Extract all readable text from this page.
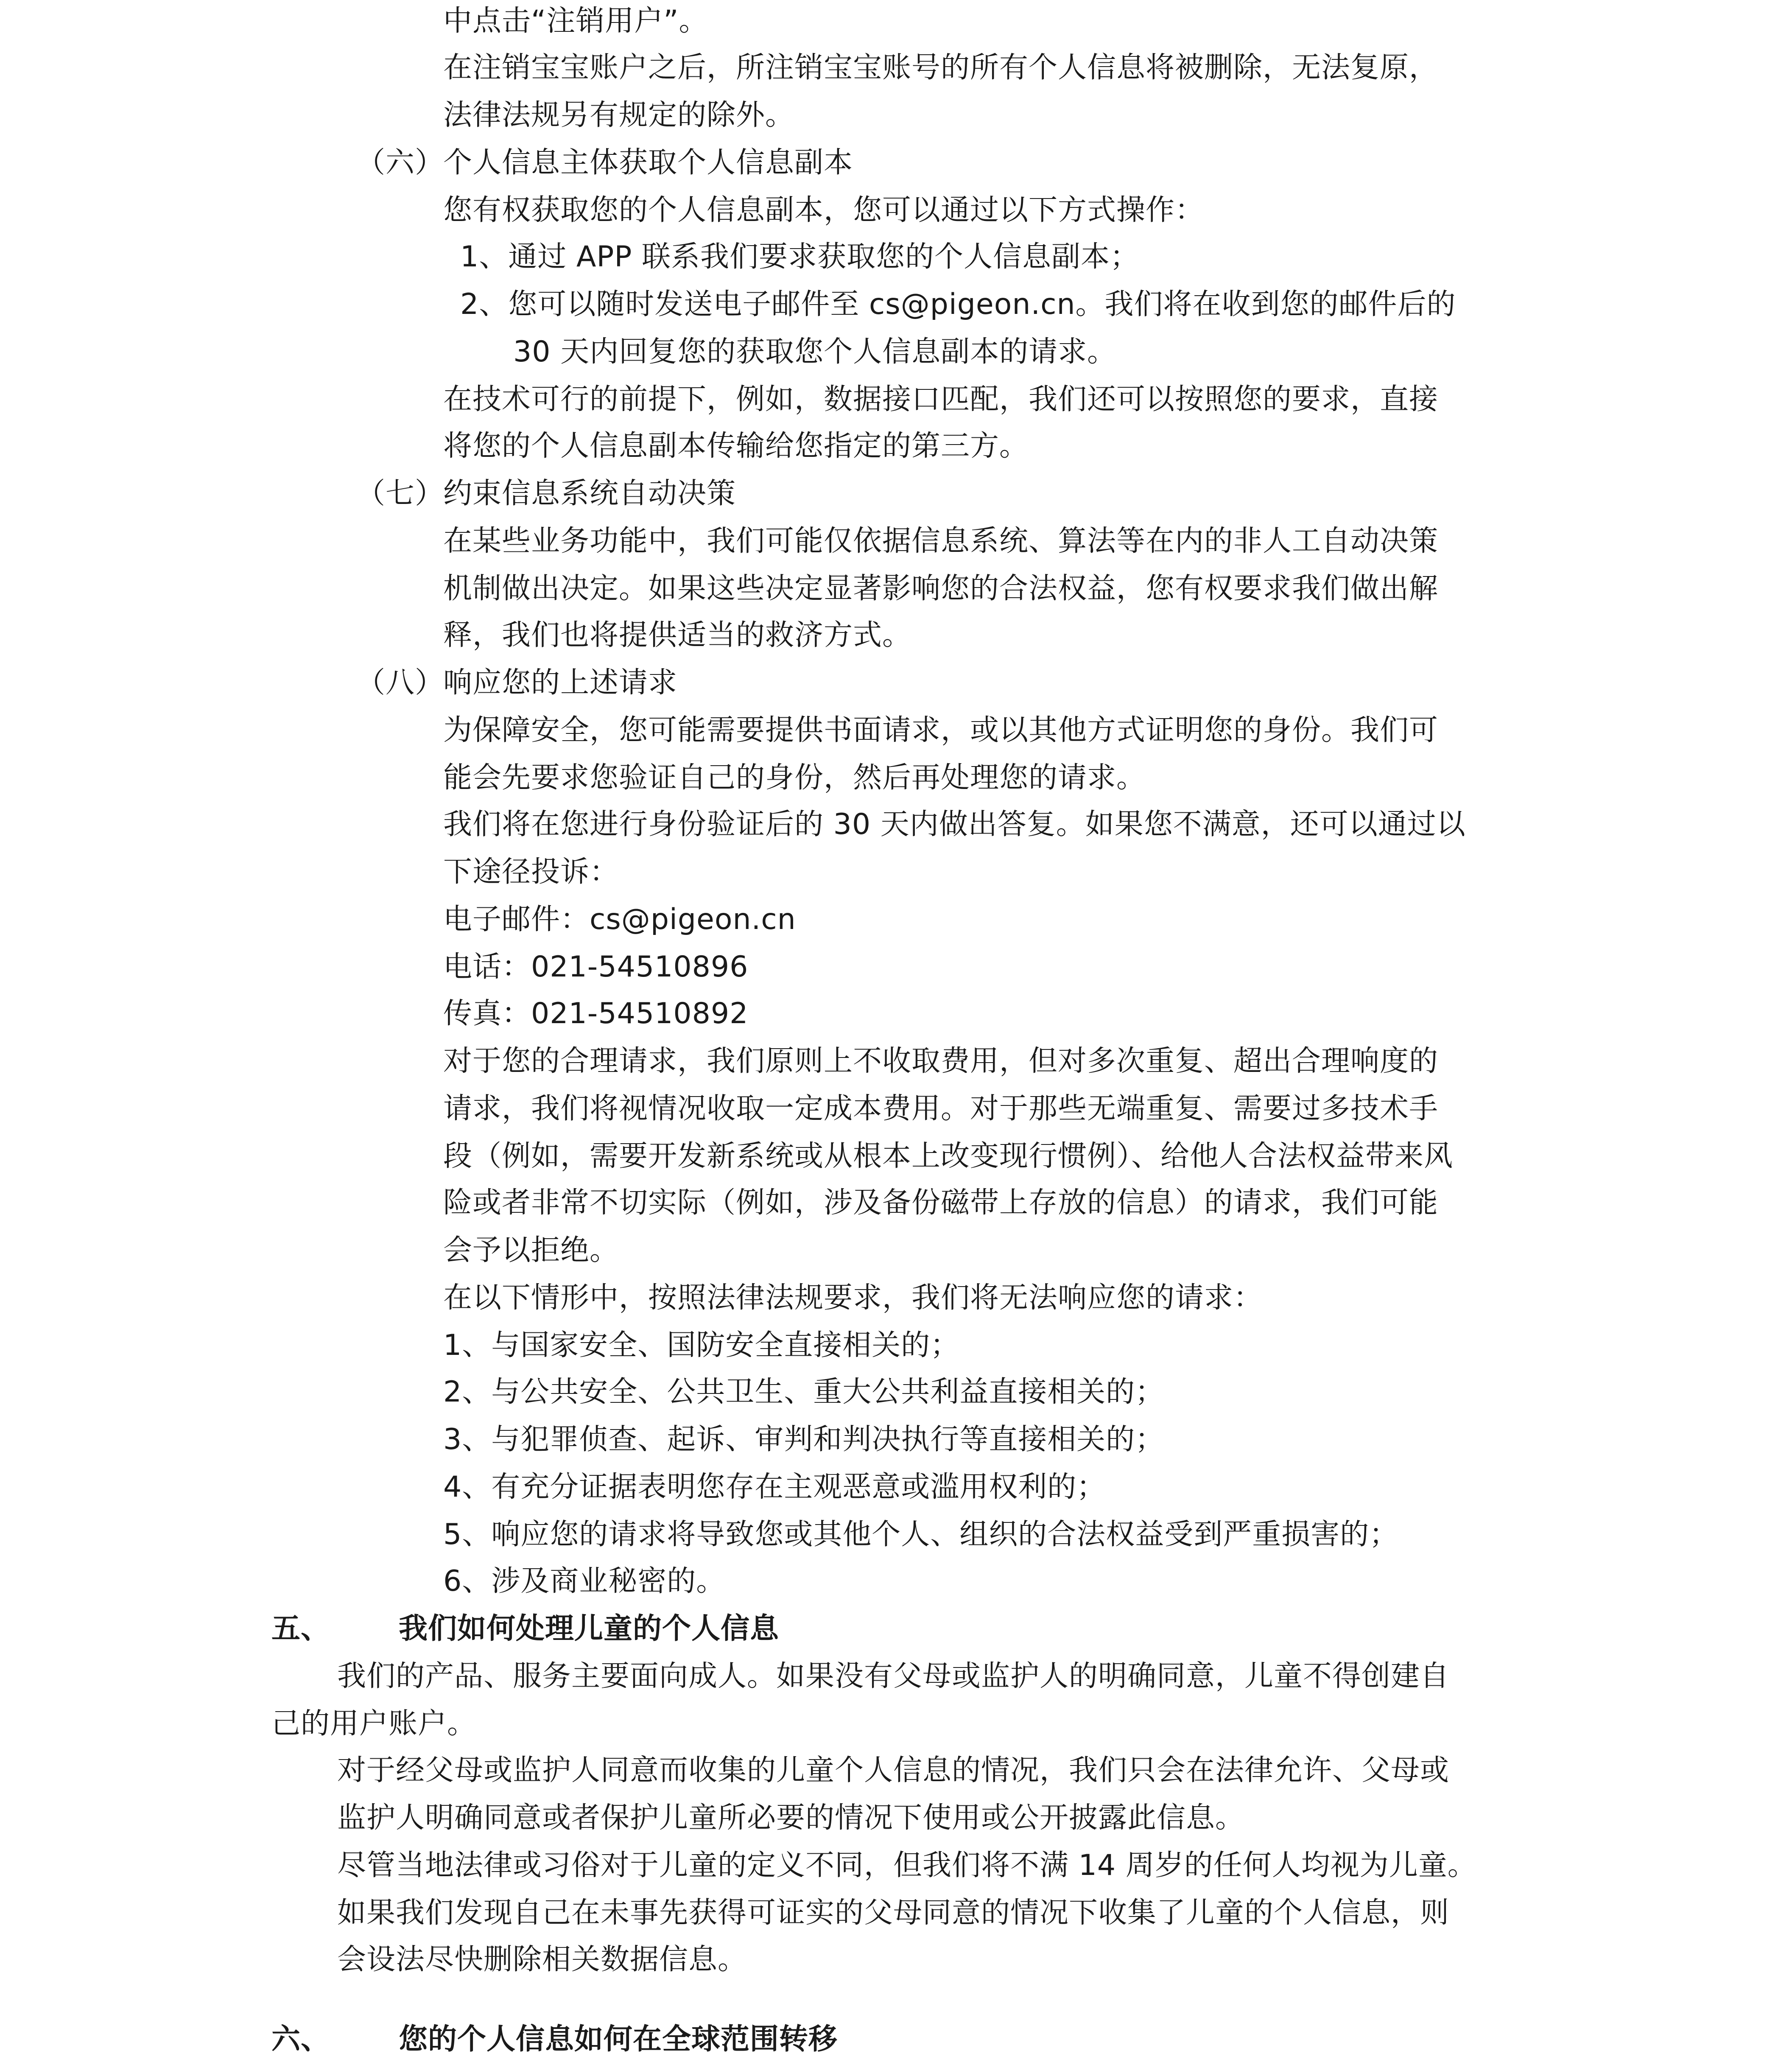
中点击“注销用户”。
在注销宝宝账户之后，所注销宝宝账号的所有个人信息将被删除，无法复原，
法律法规另有规定的除外。
（六）
个人信息主体获取个人信息副本
您有权获取您的个人信息副本，您可以通过以下方式操作：
1、通过 APP 联系我们要求获取您的个人信息副本；
2、您可以随时发送电子邮件至 cs@pigeon.cn。我们将在收到您的邮件后的
30 天内回复您的获取您个人信息副本的请求。
在技术可行的前提下，例如，数据接口匹配，我们还可以按照您的要求，直接
将您的个人信息副本传输给您指定的第三方。
（七）
约束信息系统自动决策
在某些业务功能中，我们可能仅依据信息系统、算法等在内的非人工自动决策
机制做出决定。如果这些决定显著影响您的合法权益，您有权要求我们做出解
释，我们也将提供适当的救济方式。
（八）
响应您的上述请求
为保障安全，您可能需要提供书面请求，或以其他方式证明您的身份。我们可
能会先要求您验证自己的身份，然后再处理您的请求。
我们将在您进行身份验证后的 30 天内做出答复。如果您不满意，还可以通过以
下途径投诉：
电子邮件：cs@pigeon.cn
电话：021-54510896
传真：021-54510892
对于您的合理请求，我们原则上不收取费用，但对多次重复、超出合理响度的
请求，我们将视情况收取一定成本费用。对于那些无端重复、需要过多技术手
段（例如，需要开发新系统或从根本上改变现行惯例）、给他人合法权益带来风
险或者非常不切实际（例如，涉及备份磁带上存放的信息）的请求，我们可能
会予以拒绝。
在以下情形中，按照法律法规要求，我们将无法响应您的请求：
1、与国家安全、国防安全直接相关的；
2、与公共安全、公共卫生、重大公共利益直接相关的；
3、与犯罪侦查、起诉、审判和判决执行等直接相关的；
4、有充分证据表明您存在主观恶意或滥用权利的；
5、响应您的请求将导致您或其他个人、组织的合法权益受到严重损害的；
6、涉及商业秘密的。
五、 我们如何处理儿童的个人信息
我们的产品、服务主要面向成人。如果没有父母或监护人的明确同意，儿童不得创建自
己的用户账户。
对于经父母或监护人同意而收集的儿童个人信息的情况，我们只会在法律允许、父母或
监护人明确同意或者保护儿童所必要的情况下使用或公开披露此信息。
尽管当地法律或习俗对于儿童的定义不同，但我们将不满 14 周岁的任何人均视为儿童。
如果我们发现自己在未事先获得可证实的父母同意的情况下收集了儿童的个人信息，则
会设法尽快删除相关数据信息。
六、 您的个人信息如何在全球范围转移
